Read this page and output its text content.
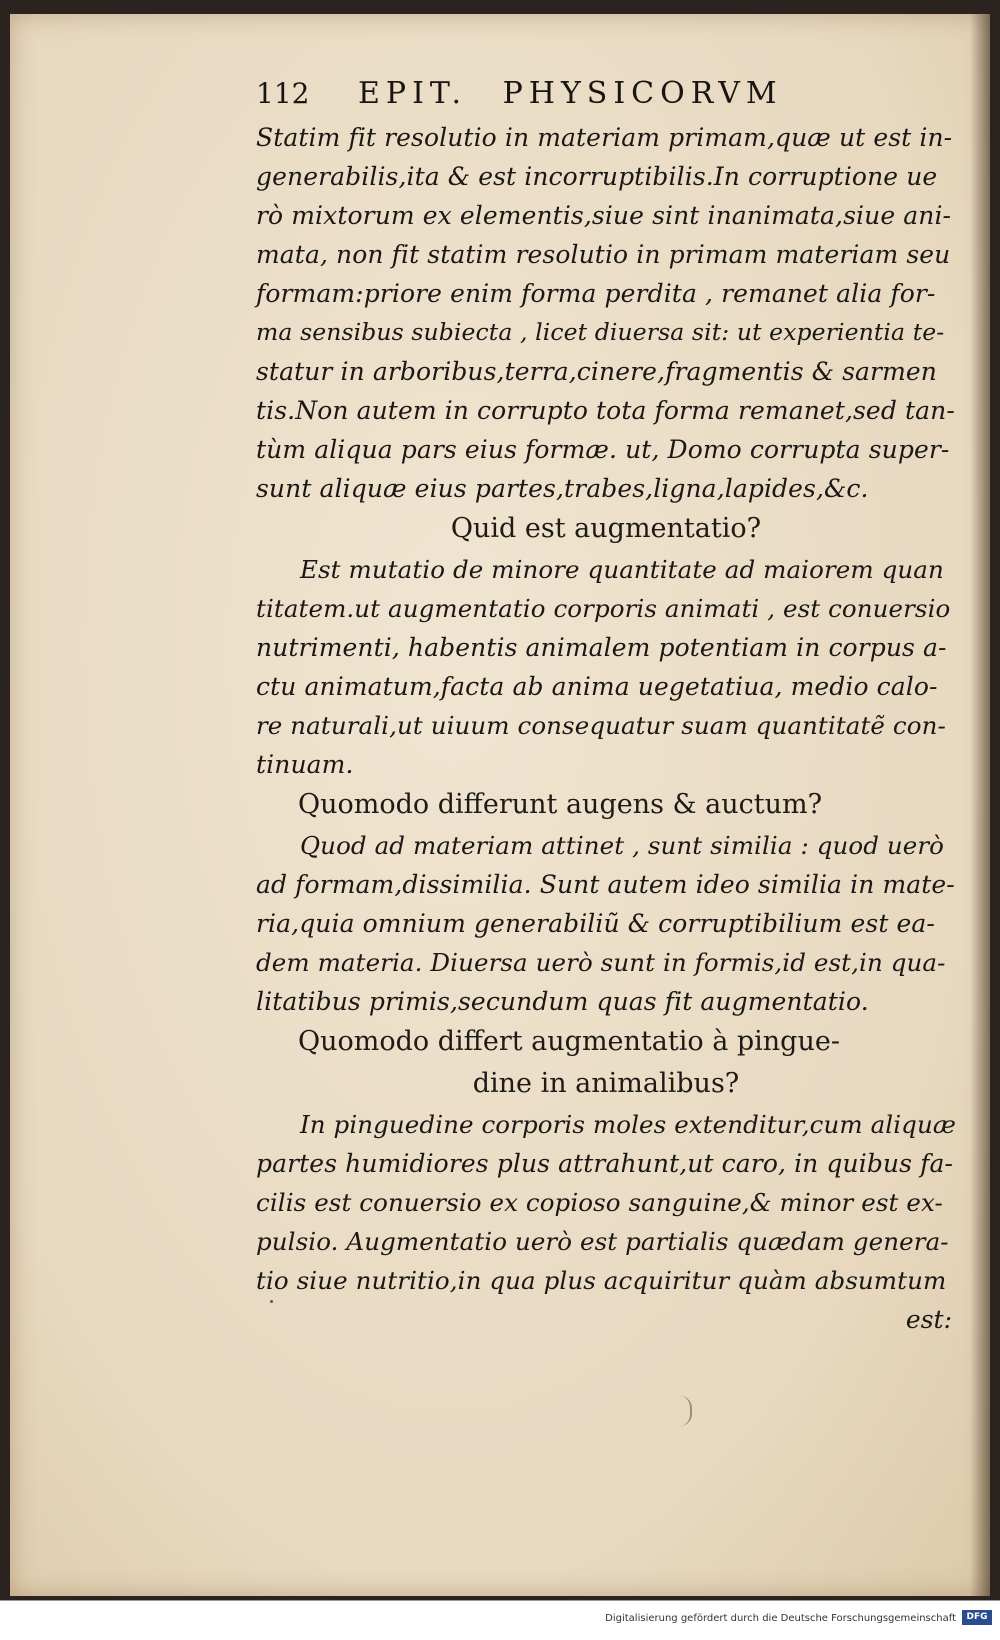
112	EPIT. PHYSICORVM
Statim fit resolutio in materiam primam,quæ ut est in-
generabilis,ita & est incorruptibilis.In corruptione ue
rò mixtorum ex elementis,siue sint inanimata,siue ani-
mata, non fit statim resolutio in primam materiam seu
formam:priore enim forma perdita , remanet alia for-
ma sensibus subiecta , licet diuersa sit: ut experientia te-
statur in arboribus,terra,cinere,fragmentis & sarmen
tis.Non autem in corrupto tota forma remanet,sed tan-
tùm aliqua pars eius formæ. ut, Domo corrupta super-
sunt aliquæ eius partes,trabes,ligna,lapides,&c.
Quid est augmentatio?
Est mutatio de minore quantitate ad maiorem quan
titatem.ut augmentatio corporis animati , est conuersio
nutrimenti, habentis animalem potentiam in corpus a-
ctu animatum,facta ab anima uegetatiua, medio calo-
re naturali,ut uiuum consequatur suam quantitatẽ con-
tinuam.
Quomodo differunt augens & auctum?
Quod ad materiam attinet , sunt similia : quod uerò
ad formam,dissimilia. Sunt autem ideo similia in mate-
ria,quia omnium generabiliũ & corruptibilium est ea-
dem materia. Diuersa uerò sunt in formis,id est,in qua-
litatibus primis,secundum quas fit augmentatio.
Quomodo differt augmentatio à pingue-
dine in animalibus?
In pinguedine corporis moles extenditur,cum aliquæ
partes humidiores plus attrahunt,ut caro, in quibus fa-
cilis est conuersio ex copioso sanguine,& minor est ex-
pulsio. Augmentatio uerò est partialis quædam genera-
tio siue nutritio,in qua plus acquiritur quàm absumtum
est:
Digitalisierung gefördert durch die Deutsche Forschungsgemeinschaft	DFG
